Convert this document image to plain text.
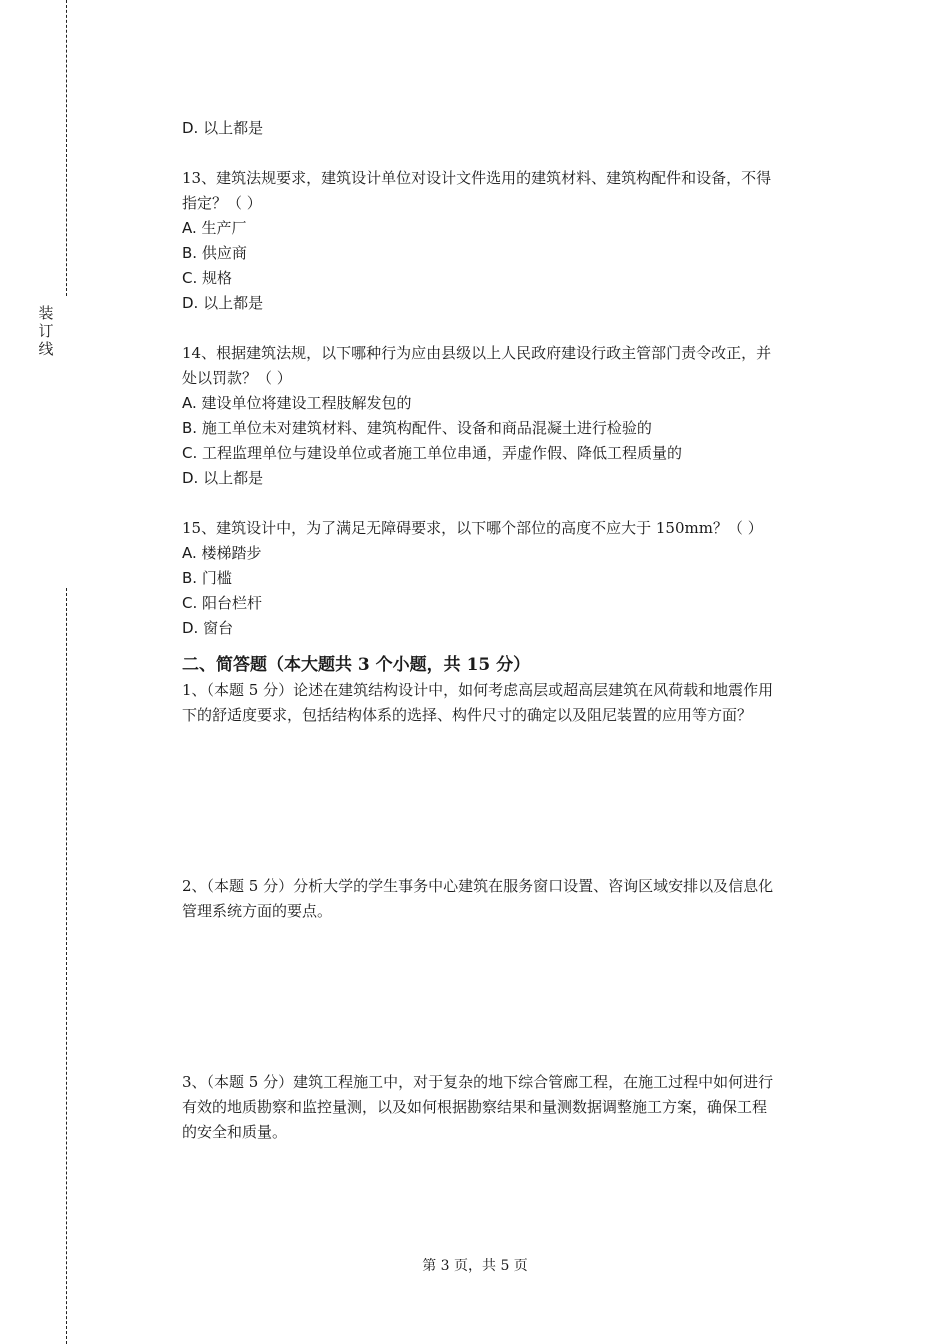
装
订
线
D. 以上都是
13、建筑法规要求，建筑设计单位对设计文件选用的建筑材料、建筑构配件和设备，不得
指定？（ ）
A. 生产厂
B. 供应商
C. 规格
D. 以上都是
14、根据建筑法规，以下哪种行为应由县级以上人民政府建设行政主管部门责令改正，并
处以罚款？（ ）
A. 建设单位将建设工程肢解发包的
B. 施工单位未对建筑材料、建筑构配件、设备和商品混凝土进行检验的
C. 工程监理单位与建设单位或者施工单位串通，弄虚作假、降低工程质量的
D. 以上都是
15、建筑设计中，为了满足无障碍要求，以下哪个部位的高度不应大于 150mm？（ ）
A. 楼梯踏步
B. 门槛
C. 阳台栏杆
D. 窗台
二、简答题（本大题共 3 个小题，共 15 分）
1、（本题 5 分）论述在建筑结构设计中，如何考虑高层或超高层建筑在风荷载和地震作用
下的舒适度要求，包括结构体系的选择、构件尺寸的确定以及阻尼装置的应用等方面？
2、（本题 5 分）分析大学的学生事务中心建筑在服务窗口设置、咨询区域安排以及信息化
管理系统方面的要点。
3、（本题 5 分）建筑工程施工中，对于复杂的地下综合管廊工程，在施工过程中如何进行
有效的地质勘察和监控量测，以及如何根据勘察结果和量测数据调整施工方案，确保工程
的安全和质量。
第 3 页，共 5 页
